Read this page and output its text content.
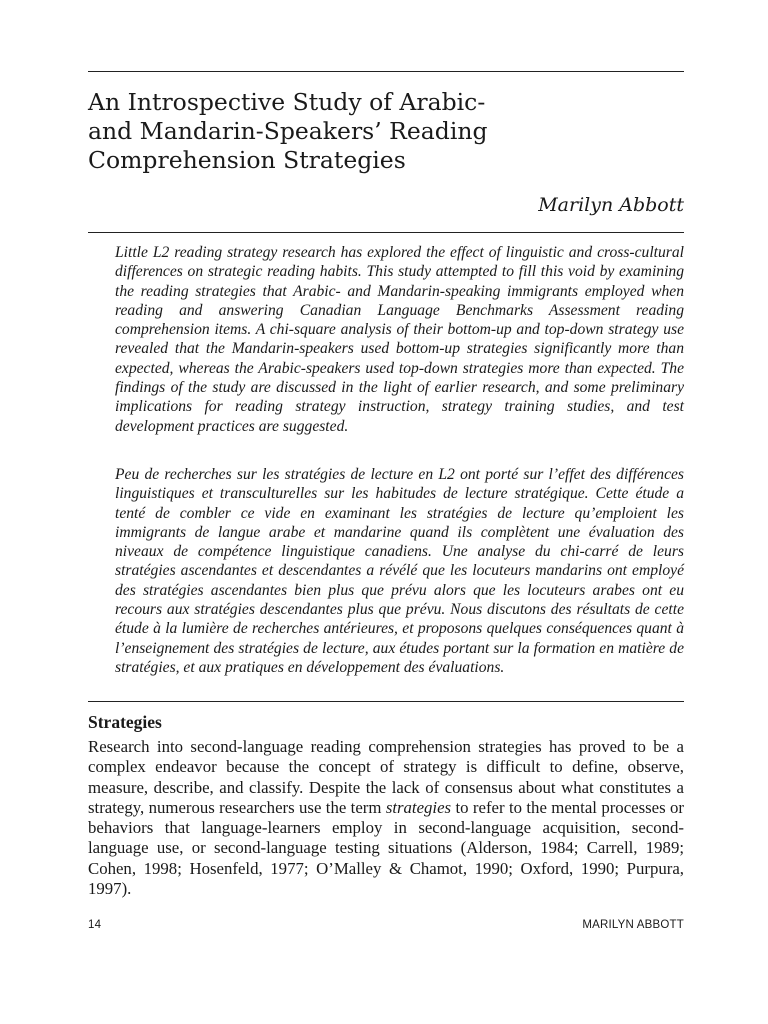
An Introspective Study of Arabic-
and Mandarin-Speakers’ Reading
Comprehension Strategies
Marilyn Abbott

Little L2 reading strategy research has explored the effect of linguistic and cross-cultural differences on strategic reading habits. This study attempted to fill this void by examining the reading strategies that Arabic- and Mandarin-speaking immigrants employed when reading and answering Canadian Language Benchmarks Assessment reading comprehension items. A chi-square analysis of their bottom-up and top-down strategy use revealed that the Mandarin-speakers used bottom-up strategies significantly more than expected, whereas the Arabic-speakers used top-down strategies more than expected. The findings of the study are discussed in the light of earlier research, and some preliminary implications for reading strategy instruction, strategy training studies, and test development practices are suggested.

Peu de recherches sur les stratégies de lecture en L2 ont porté sur l’effet des différences linguistiques et transculturelles sur les habitudes de lecture stratégique. Cette étude a tenté de combler ce vide en examinant les stratégies de lecture qu’emploient les immigrants de langue arabe et mandarine quand ils complètent une évaluation des niveaux de compétence linguistique canadiens. Une analyse du chi-carré de leurs stratégies ascendantes et descendantes a révélé que les locuteurs mandarins ont employé des stratégies ascendantes bien plus que prévu alors que les locuteurs arabes ont eu recours aux stratégies descendantes plus que prévu. Nous discutons des résultats de cette étude à la lumière de recherches antérieures, et proposons quelques conséquences quant à l’enseignement des stratégies de lecture, aux études portant sur la formation en matière de stratégies, et aux pratiques en développement des évaluations.

Strategies

Research into second-language reading comprehension strategies has proved to be a complex endeavor because the concept of strategy is difficult to define, observe, measure, describe, and classify. Despite the lack of consensus about what constitutes a strategy, numerous researchers use the term strategies to refer to the mental processes or behaviors that language-learners employ in second-language acquisition, second-language use, or second-language testing situations (Alderson, 1984; Carrell, 1989; Cohen, 1998; Hosenfeld, 1977; O’Malley & Chamot, 1990; Oxford, 1990; Purpura, 1997).

14	MARILYN ABBOTT
